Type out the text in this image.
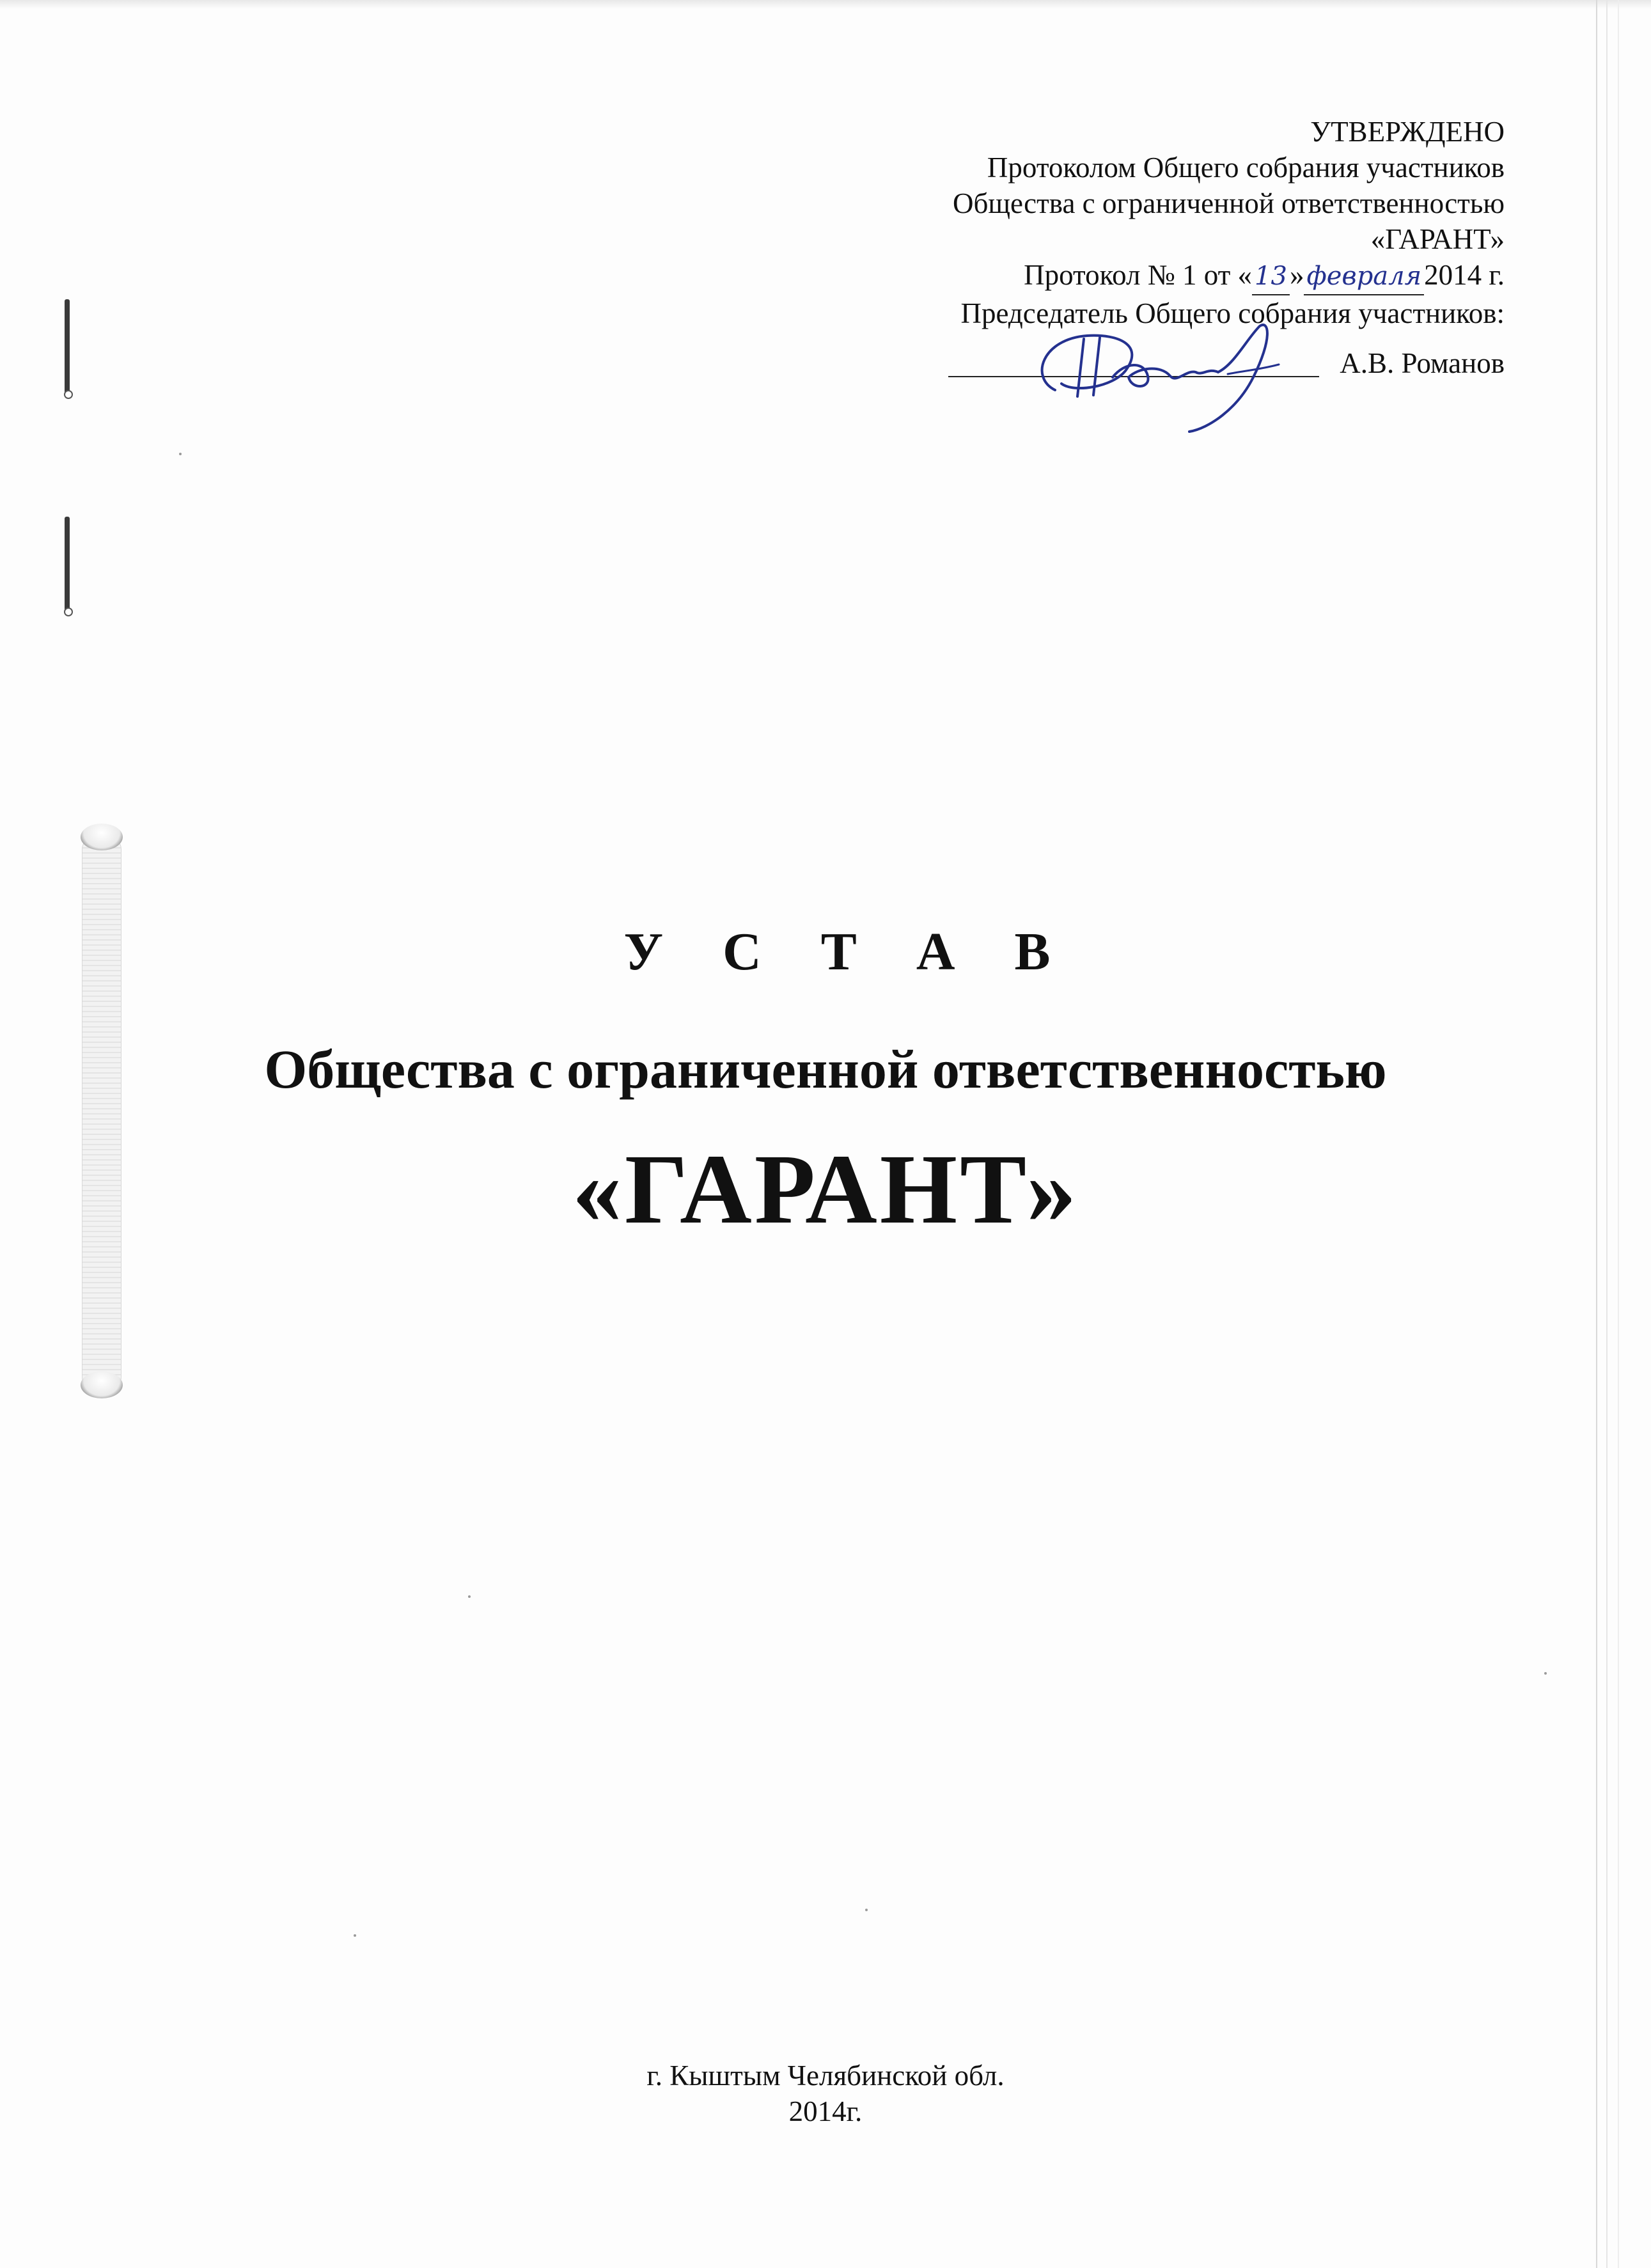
УТВЕРЖДЕНО
Протоколом Общего собрания участников
Общества с ограниченной ответственностью
«ГАРАНТ»
Протокол № 1 от « 13» февраля2014 г.
Председатель Общего собрания участников:
А.В. Романов
У С Т А В
Общества с ограниченной ответственностью
«ГАРАНТ»
г. Кыштым Челябинской обл.
2014г.
